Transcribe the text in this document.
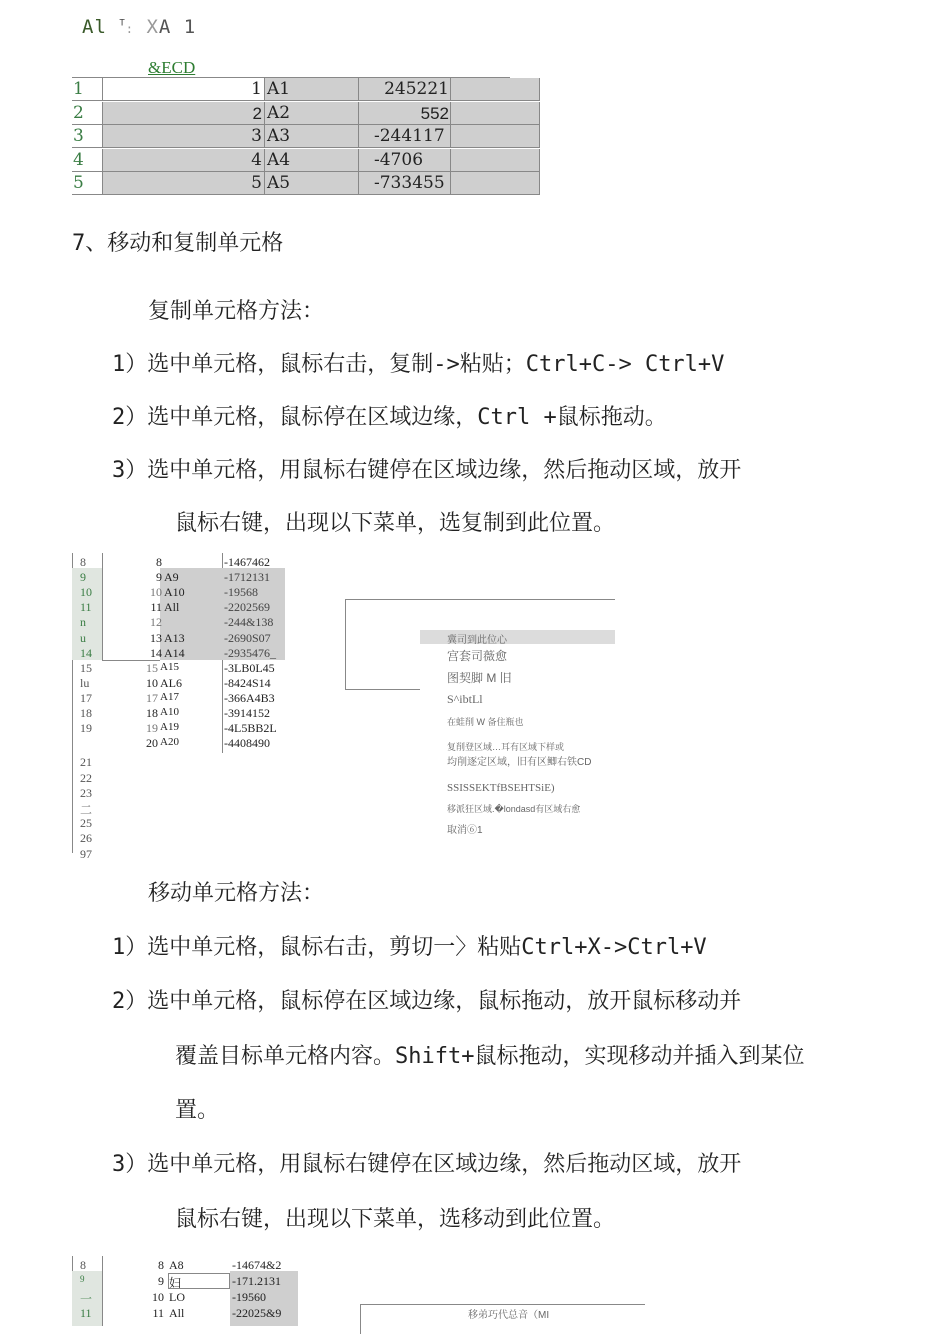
Al $^T$: XA 1
&ECD
1	1 A1	245221
2	2 A2	552
3	3 A3	-244117
4	4 A4	-4706
5	5 A5	-733455
7、移动和复制单元格
复制单元格方法：
1）选中单元格，鼠标右击，复制->粘贴；Ctrl+C-> Ctrl+V
2）选中单元格，鼠标停在区域边缘，Ctrl +鼠标拖动。
3）选中单元格，用鼠标右键停在区域边缘，然后拖动区域，放开
鼠标右键，出现以下菜单，选复制到此位置。
8	8	-1467462
9	9 A9	-1712131
10	10 A10	-19568
11	11 All	-2202569
n	12	-244&138
u	13 A13	-2690S07
14	14 A14	-2935476_
15	15 A15	-3LB0L45
lu	10 AL6	-8424S14
17	17 A17	-366A4B3
18	18 A10	-3914152
19	19 A19	-4L5BB2L
20 A20	-4408490
21
22
23
二
25
26
97
冀司到此位心
宫套司薇愈
图契脚 M 旧
S^ibtLl
在蛙削 W 备住瓶也
复削登区域…耳有区域下样或
均削逐定区域，旧有区鲫右铁CD
SSISSEKTfBSEHTSiE)
移派狂区域.�londasd有区域右愈
取消⑥1
移动单元格方法：
1）选中单元格，鼠标右击，剪切一〉粘贴Ctrl+X->Ctrl+V
2）选中单元格，鼠标停在区域边缘，鼠标拖动，放开鼠标移动并
覆盖目标单元格内容。Shift+鼠标拖动，实现移动并插入到某位
置。
3）选中单元格，用鼠标右键停在区域边缘，然后拖动区域，放开
鼠标右键，出现以下菜单，选移动到此位置。
8	8 A8	-14674&2
9	9 妇	-171.2131
一	10 LO	-19560
11	11 All	-22025&9	移弟巧代总音（MI
